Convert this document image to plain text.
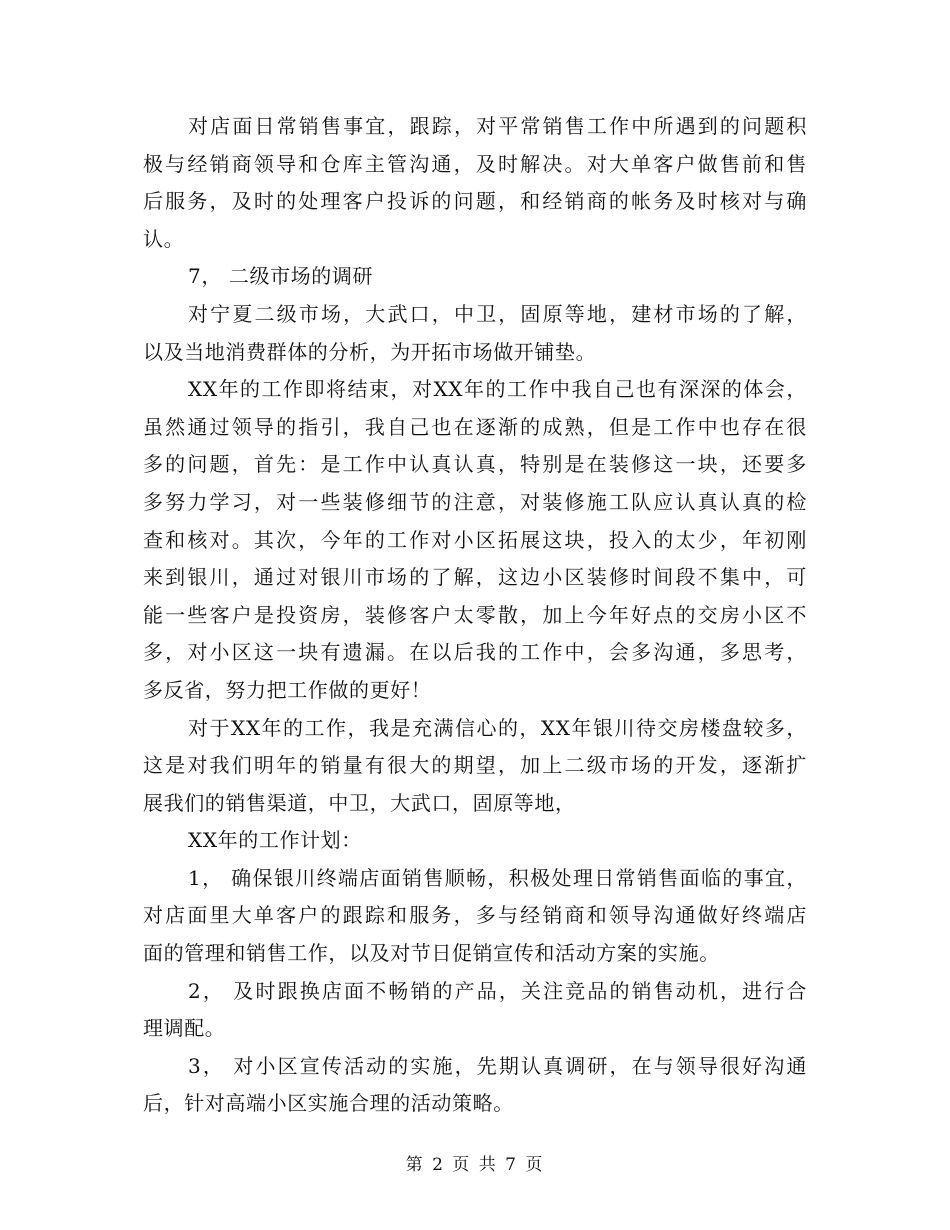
对店面日常销售事宜，跟踪，对平常销售工作中所遇到的问题积
极与经销商领导和仓库主管沟通，及时解决。对大单客户做售前和售
后服务，及时的处理客户投诉的问题，和经销商的帐务及时核对与确
认。
7， 二级市场的调研
对宁夏二级市场，大武口，中卫，固原等地，建材市场的了解，
以及当地消费群体的分析，为开拓市场做开铺垫。
XX年的工作即将结束，对XX年的工作中我自己也有深深的体会，
虽然通过领导的指引，我自己也在逐渐的成熟，但是工作中也存在很
多的问题，首先：是工作中认真认真，特别是在装修这一块，还要多
多努力学习，对一些装修细节的注意，对装修施工队应认真认真的检
查和核对。其次，今年的工作对小区拓展这块，投入的太少，年初刚
来到银川，通过对银川市场的了解，这边小区装修时间段不集中，可
能一些客户是投资房，装修客户太零散，加上今年好点的交房小区不
多，对小区这一块有遗漏。在以后我的工作中，会多沟通，多思考，
多反省，努力把工作做的更好！
对于XX年的工作，我是充满信心的，XX年银川待交房楼盘较多，
这是对我们明年的销量有很大的期望，加上二级市场的开发，逐渐扩
展我们的销售渠道，中卫，大武口，固原等地，
XX年的工作计划：
1， 确保银川终端店面销售顺畅，积极处理日常销售面临的事宜，
对店面里大单客户的跟踪和服务，多与经销商和领导沟通做好终端店
面的管理和销售工作，以及对节日促销宣传和活动方案的实施。
2， 及时跟换店面不畅销的产品，关注竞品的销售动机，进行合
理调配。
3， 对小区宣传活动的实施，先期认真调研，在与领导很好沟通
后，针对高端小区实施合理的活动策略。
第 2 页 共 7 页
